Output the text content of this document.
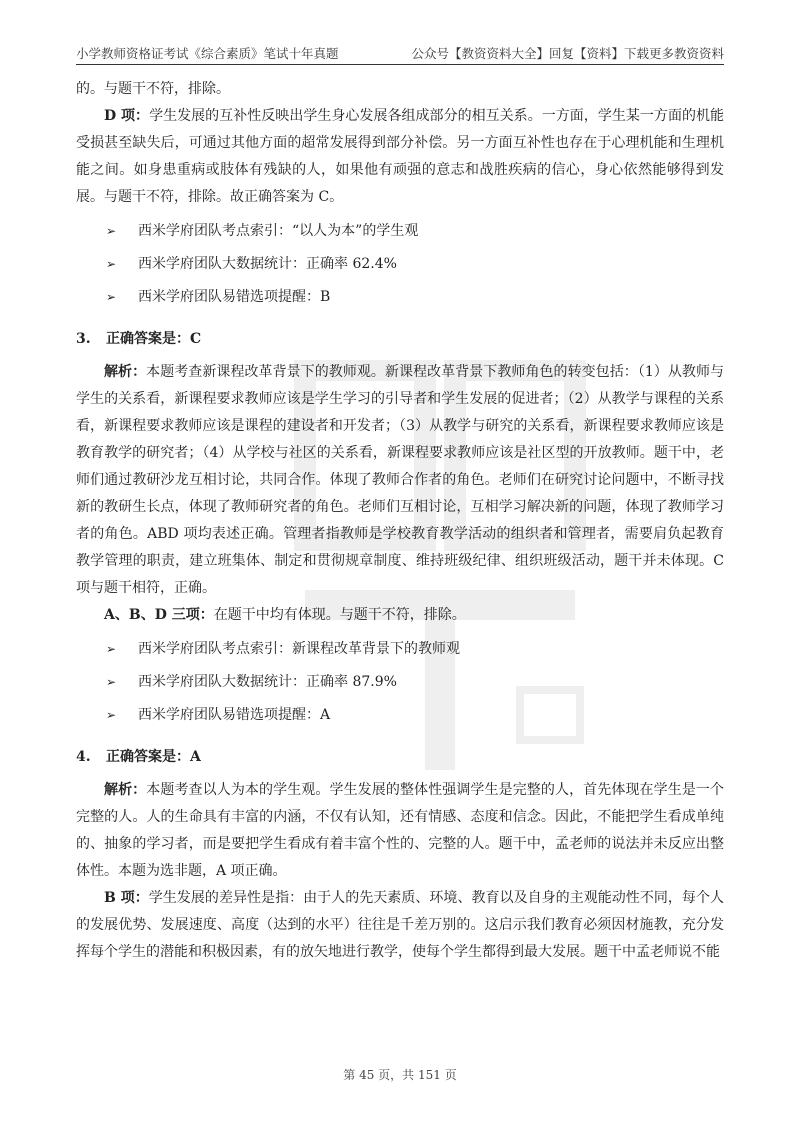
小学教师资格证考试《综合素质》笔试十年真题	公众号【教资资料大全】回复【资料】下载更多教资资料

的。与题干不符，排除。

D 项：学生发展的互补性反映出学生身心发展各组成部分的相互关系。一方面，学生某一方面的机能受损甚至缺失后，可通过其他方面的超常发展得到部分补偿。另一方面互补性也存在于心理机能和生理机能之间。如身患重病或肢体有残缺的人，如果他有顽强的意志和战胜疾病的信心，身心依然能够得到发展。与题干不符，排除。故正确答案为 C。

➢ 西米学府团队考点索引：“以人为本”的学生观
➢ 西米学府团队大数据统计：正确率 62.4%
➢ 西米学府团队易错选项提醒：B
3. 正确答案是：C

解析：本题考查新课程改革背景下的教师观。新课程改革背景下教师角色的转变包括：（1）从教师与学生的关系看，新课程要求教师应该是学生学习的引导者和学生发展的促进者；（2）从教学与课程的关系看，新课程要求教师应该是课程的建设者和开发者；（3）从教学与研究的关系看，新课程要求教师应该是教育教学的研究者；（4）从学校与社区的关系看，新课程要求教师应该是社区型的开放教师。题干中，老师们通过教研沙龙互相讨论，共同合作。体现了教师合作者的角色。老师们在研究讨论问题中，不断寻找新的教研生长点，体现了教师研究者的角色。老师们互相讨论，互相学习解决新的问题，体现了教师学习者的角色。ABD 项均表述正确。管理者指教师是学校教育教学活动的组织者和管理者，需要肩负起教育教学管理的职责，建立班集体、制定和贯彻规章制度、维持班级纪律、组织班级活动，题干并未体现。C 项与题干相符，正确。

A、B、D 三项：在题干中均有体现。与题干不符，排除。

➢ 西米学府团队考点索引：新课程改革背景下的教师观
➢ 西米学府团队大数据统计：正确率 87.9%
➢ 西米学府团队易错选项提醒：A
4. 正确答案是：A

解析：本题考查以人为本的学生观。学生发展的整体性强调学生是完整的人，首先体现在学生是一个完整的人。人的生命具有丰富的内涵，不仅有认知，还有情感、态度和信念。因此，不能把学生看成单纯的、抽象的学习者，而是要把学生看成有着丰富个性的、完整的人。题干中，孟老师的说法并未反应出整体性。本题为选非题，A 项正确。

B 项：学生发展的差异性是指：由于人的先天素质、环境、教育以及自身的主观能动性不同，每个人的发展优势、发展速度、高度（达到的水平）往往是千差万别的。这启示我们教育必须因材施教，充分发挥每个学生的潜能和积极因素，有的放矢地进行教学，使每个学生都得到最大发展。题干中孟老师说不能

第 45 页，共 151 页
